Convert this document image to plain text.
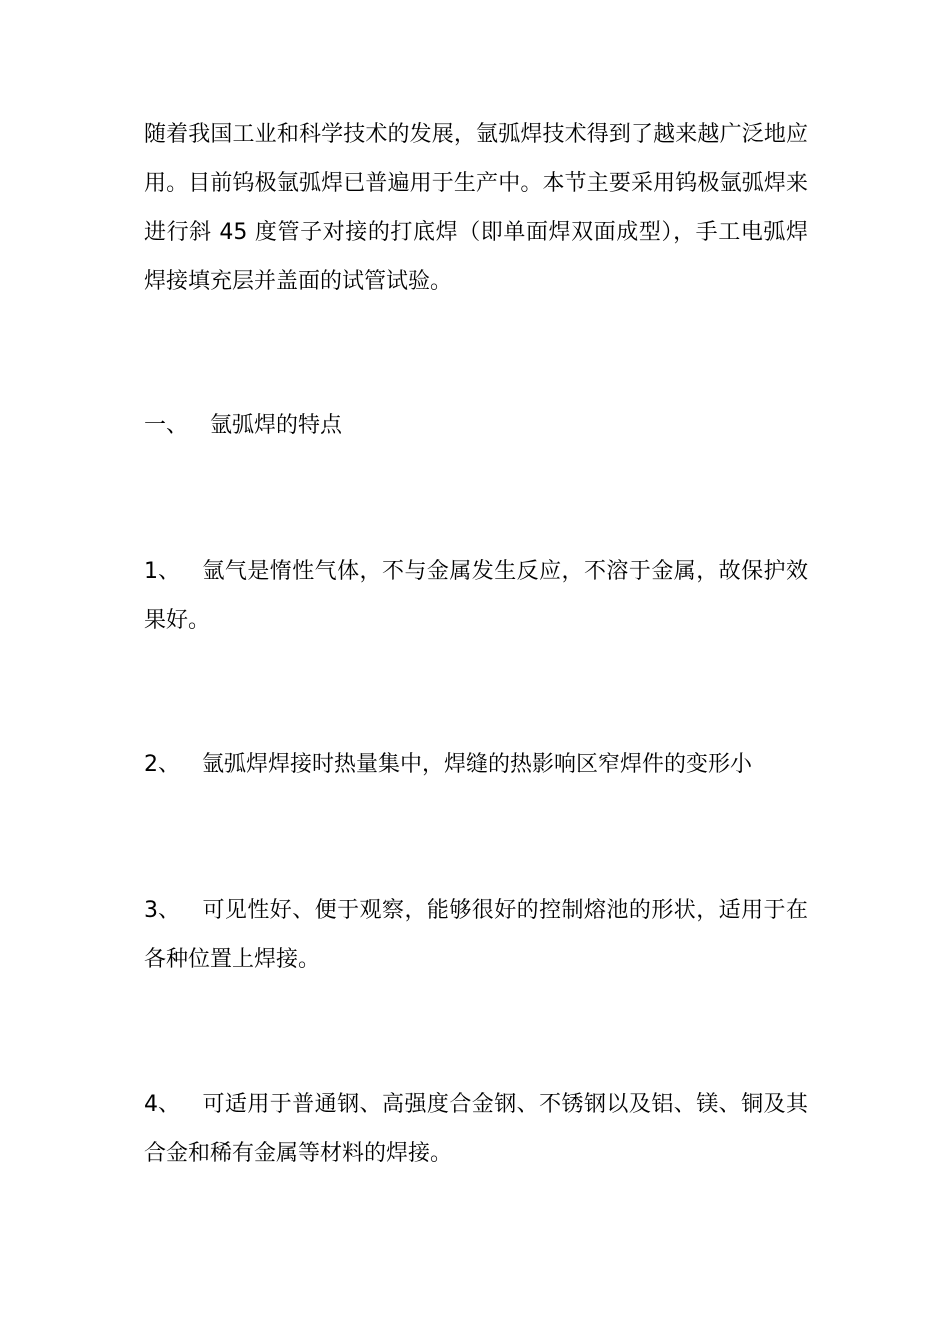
随着我国工业和科学技术的发展，氩弧焊技术得到了越来越广泛地应用。目前钨极氩弧焊已普遍用于生产中。本节主要采用钨极氩弧焊来进行斜 45 度管子对接的打底焊（即单面焊双面成型），手工电弧焊焊接填充层并盖面的试管试验。

一、 氩弧焊的特点
1、 氩气是惰性气体，不与金属发生反应，不溶于金属，故保护效果好。
2、 氩弧焊焊接时热量集中，焊缝的热影响区窄焊件的变形小
3、 可见性好、便于观察，能够很好的控制熔池的形状，适用于在各种位置上焊接。
4、 可适用于普通钢、高强度合金钢、不锈钢以及铝、镁、铜及其合金和稀有金属等材料的焊接。
